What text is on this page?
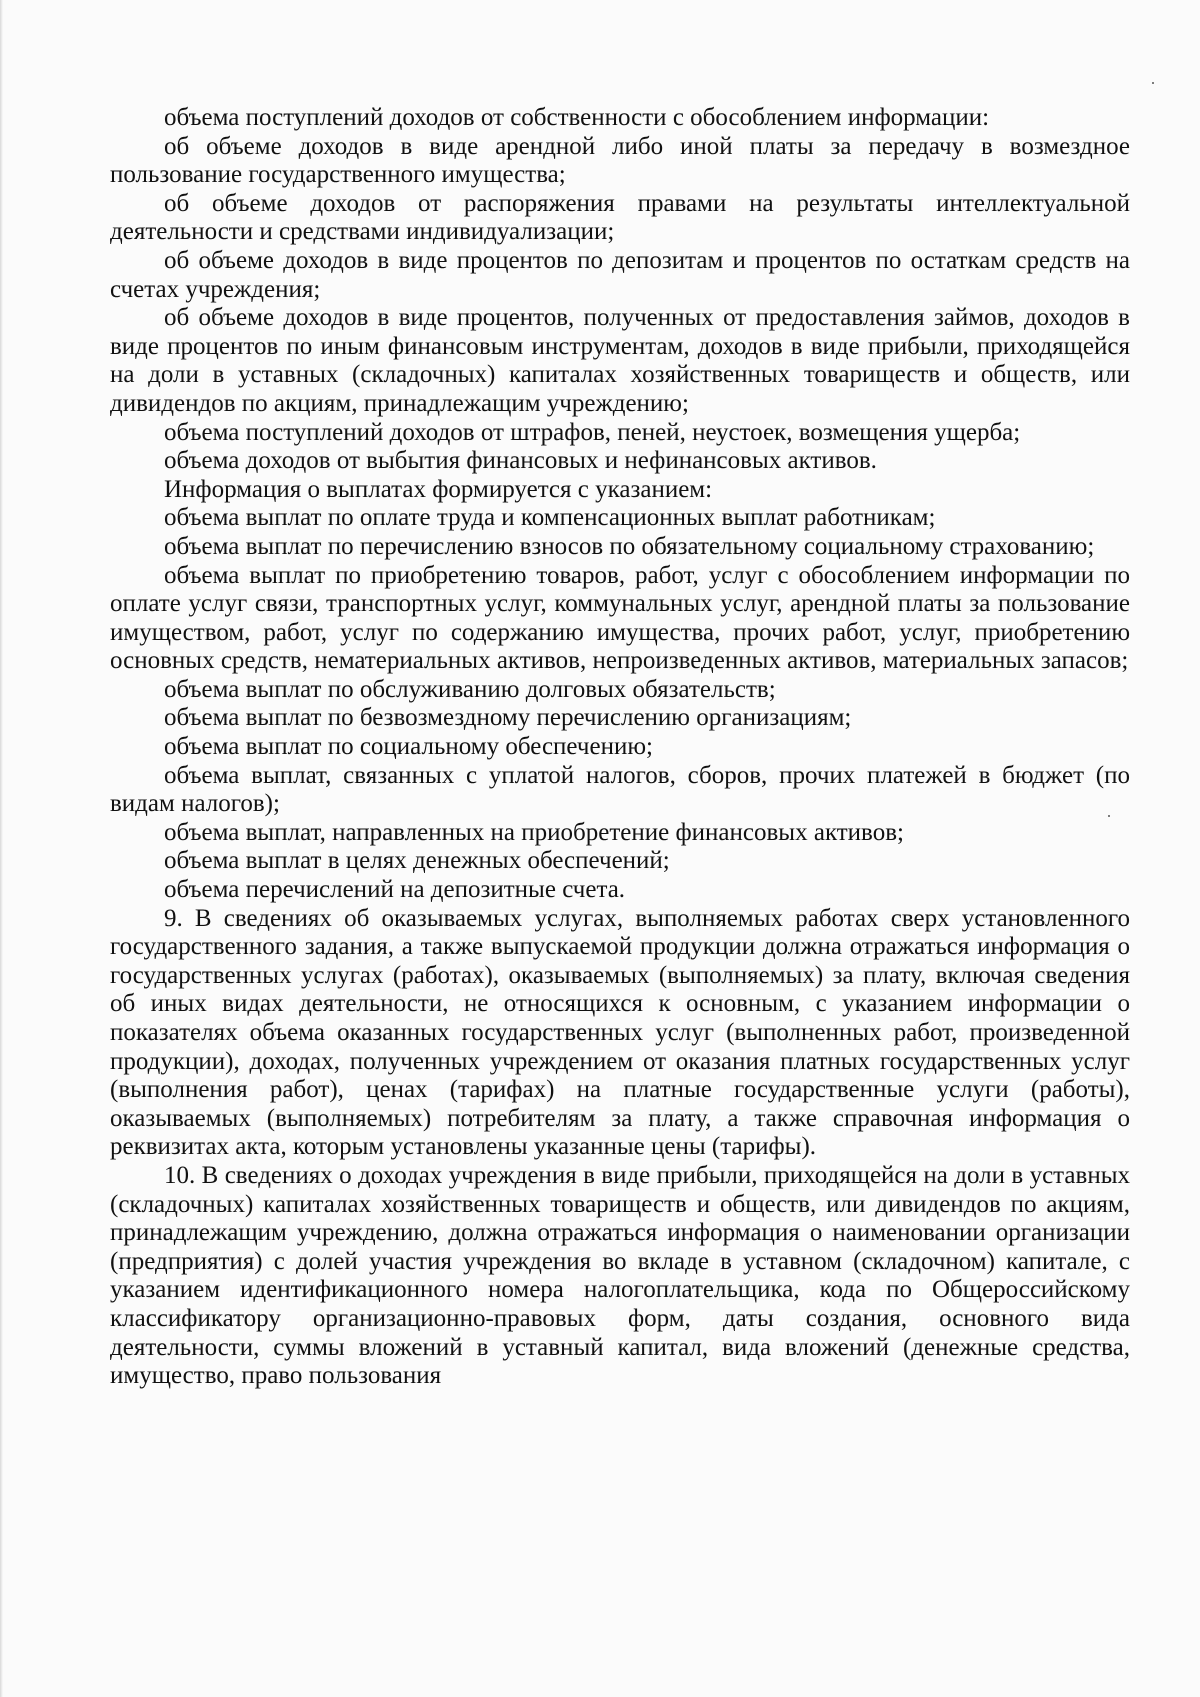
объема поступлений доходов от собственности с обособлением информации:

об объеме доходов в виде арендной либо иной платы за передачу в возмездное пользование государственного имущества;

об объеме доходов от распоряжения правами на результаты интеллектуальной деятельности и средствами индивидуализации;

об объеме доходов в виде процентов по депозитам и процентов по остаткам средств на счетах учреждения;

об объеме доходов в виде процентов, полученных от предоставления займов, доходов в виде процентов по иным финансовым инструментам, доходов в виде прибыли, приходящейся на доли в уставных (складочных) капиталах хозяйственных товариществ и обществ, или дивидендов по акциям, принадлежащим учреждению;

объема поступлений доходов от штрафов, пеней, неустоек, возмещения ущерба;

объема доходов от выбытия финансовых и нефинансовых активов.

Информация о выплатах формируется с указанием:

объема выплат по оплате труда и компенсационных выплат работникам;

объема выплат по перечислению взносов по обязательному социальному страхованию;

объема выплат по приобретению товаров, работ, услуг с обособлением информации по оплате услуг связи, транспортных услуг, коммунальных услуг, арендной платы за пользование имуществом, работ, услуг по содержанию имущества, прочих работ, услуг, приобретению основных средств, нематериальных активов, непроизведенных активов, материальных запасов;

объема выплат по обслуживанию долговых обязательств;

объема выплат по безвозмездному перечислению организациям;

объема выплат по социальному обеспечению;

объема выплат, связанных с уплатой налогов, сборов, прочих платежей в бюджет (по видам налогов);

объема выплат, направленных на приобретение финансовых активов;

объема выплат в целях денежных обеспечений;

объема перечислений на депозитные счета.

9. В сведениях об оказываемых услугах, выполняемых работах сверх установленного государственного задания, а также выпускаемой продукции должна отражаться информация о государственных услугах (работах), оказываемых (выполняемых) за плату, включая сведения об иных видах деятельности, не относящихся к основным, с указанием информации о показателях объема оказанных государственных услуг (выполненных работ, произведенной продукции), доходах, полученных учреждением от оказания платных государственных услуг (выполнения работ), ценах (тарифах) на платные государственные услуги (работы), оказываемых (выполняемых) потребителям за плату, а также справочная информация о реквизитах акта, которым установлены указанные цены (тарифы).

10. В сведениях о доходах учреждения в виде прибыли, приходящейся на доли в уставных (складочных) капиталах хозяйственных товариществ и обществ, или дивидендов по акциям, принадлежащим учреждению, должна отражаться информация о наименовании организации (предприятия) с долей участия учреждения во вкладе в уставном (складочном) капитале, с указанием идентификационного номера налогоплательщика, кода по Общероссийскому классификатору организационно-правовых форм, даты создания, основного вида деятельности, суммы вложений в уставный капитал, вида вложений (денежные средства, имущество, право пользования
